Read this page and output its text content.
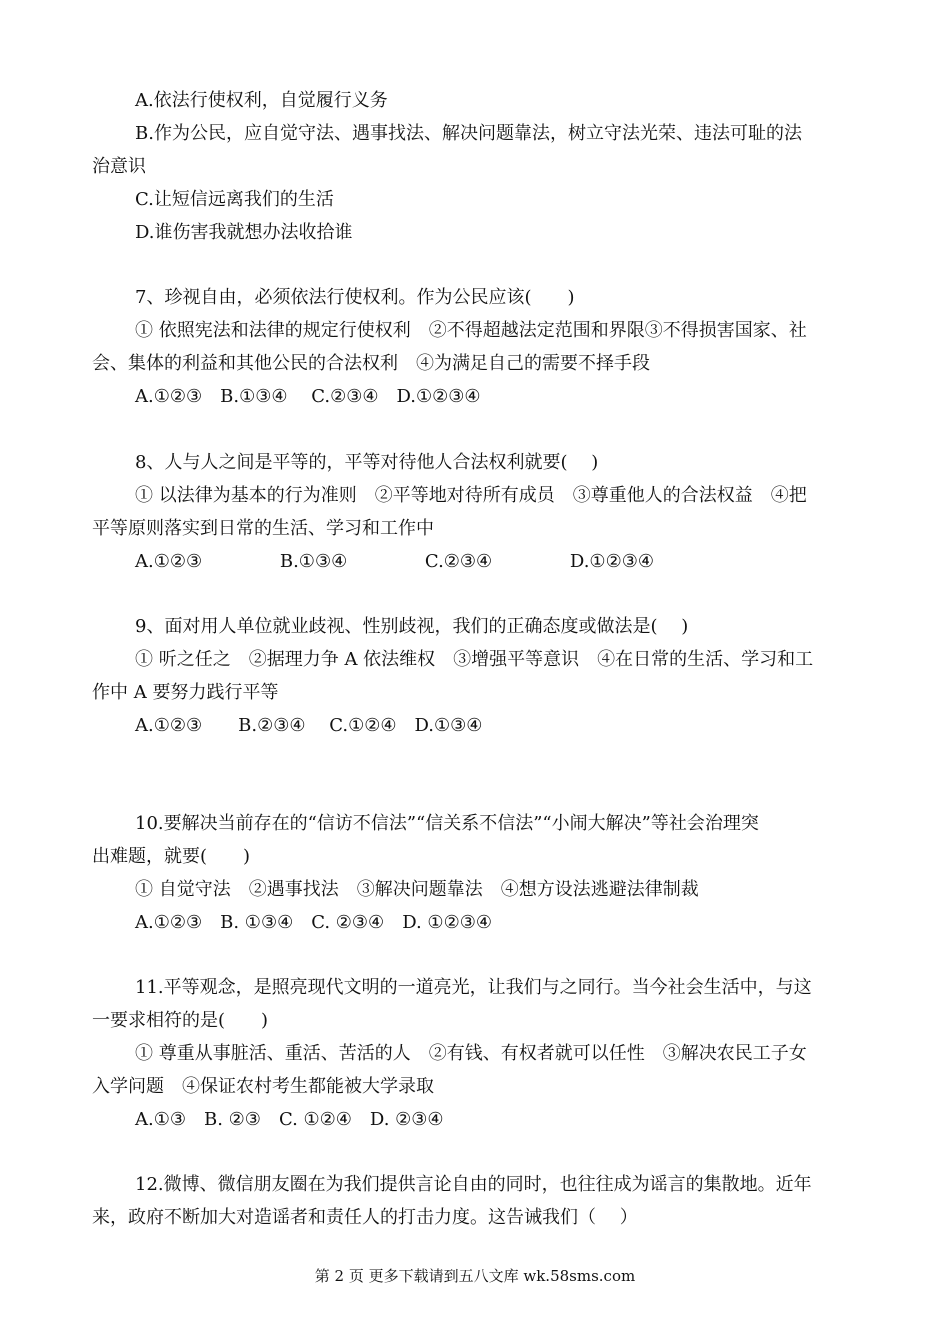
A.依法行使权利，自觉履行义务
B.作为公民，应自觉守法、遇事找法、解决问题靠法，树立守法光荣、违法可耻的法
治意识
C.让短信远离我们的生活
D.谁伤害我就想办法收拾谁
7、珍视自由，必须依法行使权利。作为公民应该(　　)
① 依照宪法和法律的规定行使权利　②不得超越法定范围和界限③不得损害国家、社
会、集体的利益和其他公民的合法权利　④为满足自己的需要不择手段
A.①②③　B.①③④　 C.②③④　D.①②③④
8、人与人之间是平等的，平等对待他人合法权利就要(　 )
① 以法律为基本的行为准则　②平等地对待所有成员　③尊重他人的合法权益　④把
平等原则落实到日常的生活、学习和工作中
A.①②③　　　　 B.①③④　　　　 C.②③④　　　　 D.①②③④
9、面对用人单位就业歧视、性别歧视，我们的正确态度或做法是(　 )
① 听之任之　②据理力争 A 依法维权　③增强平等意识　④在日常的生活、学习和工
作中 A 要努力践行平等
A.①②③　　B.②③④　 C.①②④　D.①③④
10.要解决当前存在的“信访不信法”“信关系不信法”“小闹大解决”等社会治理突
出难题，就要(　　)
① 自觉守法　②遇事找法　③解决问题靠法　④想方设法逃避法律制裁
A.①②③　B. ①③④　C. ②③④　D. ①②③④
11.平等观念，是照亮现代文明的一道亮光，让我们与之同行。当今社会生活中，与这
一要求相符的是(　　)
① 尊重从事脏活、重活、苦活的人　②有钱、有权者就可以任性　③解决农民工子女
入学问题　④保证农村考生都能被大学录取
A.①③　B. ②③　C. ①②④　D. ②③④
12.微博、微信朋友圈在为我们提供言论自由的同时，也往往成为谣言的集散地。近年
来，政府不断加大对造谣者和责任人的打击力度。这告诫我们（　 ）
第 2 页 更多下载请到五八文库 wk.58sms.com
